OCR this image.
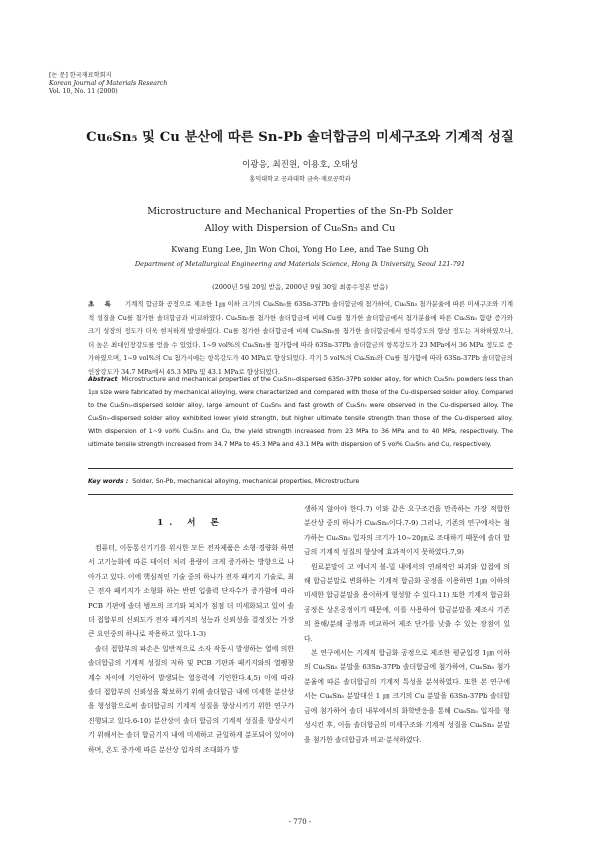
[논 문] 한국재료학회지
Korean Journal of Materials Research
Vol. 10, No. 11 (2000)
Cu₆Sn₅ 및 Cu 분산에 따른 Sn-Pb 솔더합금의 미세구조와 기계적 성질
이광응, 최진원, 이용호, 오태성
홍익대학교 공과대학 금속·재료공학과
Microstructure and Mechanical Properties of the Sn-Pb Solder
Alloy with Dispersion of Cu₆Sn₅ and Cu
Kwang Eung Lee, Jin Won Choi, Yong Ho Lee, and Tae Sung Oh
Department of Metallurgical Engineering and Materials Science, Hong Ik University, Seoul 121-791
(2000년 5월 20일 받음, 2000년 9월 30일 최종수정본 받음)
초 록 기계적 합금화 공정으로 제조한 1㎛ 이하 크기의 Cu₆Sn₅를 63Sn-37Pb 솔더합금에 첨가하여, Cu₆Sn₅ 첨가분율에 따른 미세구조와 기계적 성질을 Cu를 첨가한 솔더합금과 비교하였다. Cu₆Sn₅를 첨가한 솔더합금에 비해 Cu를 첨가한 솔더합금에서 첨가분율에 따른 Cu₆Sn₅ 함량 증가와 크기 성장의 정도가 더욱 현저하게 발생하였다. Cu를 첨가한 솔더합금에 비해 Cu₆Sn₅를 첨가한 솔더합금에서 항복강도의 향상 정도는 저하하였으나, 더 높은 최대인장강도를 얻을 수 있었다. 1~9 vol%의 Cu₆Sn₅를 첨가함에 따라 63Sn-37Pb 솔더합금의 항복강도가 23 MPa에서 36 MPa 정도로 증가하였으며, 1~9 vol%의 Cu 첨가시에는 항복강도가 40 MPa로 향상되었다. 각기 5 vol%의 Cu₆Sn₅와 Cu를 첨가함에 따라 63Sn-37Pb 솔더합금의 인장강도가 34.7 MPa에서 45.3 MPa 및 43.1 MPa로 향상되었다.
Abstract Microstructure and mechanical properties of the Cu₆Sn₅-dispersed 63Sn-37Pb solder alloy, for which Cu₆Sn₅ powders less than 1㎛ size were fabricated by mechanical alloying, were characterized and compared with those of the Cu-dispersed solder alloy. Compared to the Cu₆Sn₅-dispersed solder alloy, large amount of Cu₆Sn₅ and fast growth of Cu₆Sn₅ were observed in the Cu-dispersed alloy. The Cu₆Sn₅-dispersed solder alloy exhibited lower yield strength, but higher ultimate tensile strength than those of the Cu-dispersed alloy. With dispersion of 1~9 vol% Cu₆Sn₅ and Cu, the yield strength increased from 23 MPa to 36 MPa and to 40 MPa, respectively. The ultimate tensile strength increased from 34.7 MPa to 45.3 MPa and 43.1 MPa with dispersion of 5 vol% Cu₆Sn₅ and Cu, respectively.
Key words : Solder, Sn-Pb, mechanical alloying, mechanical properties, Microstructure
1. 서 론

컴퓨터, 이동통신기기를 위시한 모든 전자제품은 소형·경량화 하면서 고기능화에 따른 데이터 처리 용량이 크게 증가하는 방향으로 나아가고 있다. 이에 핵심적인 기술 중의 하나가 전자 패키지 기술로, 최근 전자 패키지가 소형화 하는 반면 입출력 단자수가 증가함에 따라 PCB 기판에 솔더 범프의 크기와 피치가 점점 더 미세화되고 있어 솔더 접합부의 신뢰도가 전자 패키지의 성능과 신뢰성을 결정짓는 가장 큰 요인중의 하나로 작용하고 있다.1-3)

솔더 접합부의 파손은 일반적으로 소자 작동시 발생하는 열에 의한 솔더합금의 기계적 성질의 저하 및 PCB 기판과 패키지와의 열팽창 계수 차이에 기인하여 발생되는 열응력에 기인한다.4,5) 이에 따라 솔더 접합부의 신뢰성을 확보하기 위해 솔더합금 내에 미세한 분산상을 형성함으로써 솔더합금의 기계적 성질을 향상시키기 위한 연구가 진행되고 있다.6-10) 분산상이 솔더 합금의 기계적 성질을 향상시키기 위해서는 솔더 합금기지 내에 미세하고 균일하게 분포되어 있어야 하며, 온도 증가에 따른 분산상 입자의 조대화가 발

생하지 않아야 한다.7) 이와 같은 요구조건을 만족하는 가장 적합한 분산상 중의 하나가 Cu₆Sn₅이다.7-9) 그러나, 기존의 연구에서는 첨가하는 Cu₆Sn₅ 입자의 크기가 10~20㎛로 조대하기 때문에 솔더 합금의 기계적 성질의 향상에 효과적이지 못하였다.7,9)

원료분말이 고 에너지 볼-밀 내에서의 연쇄적인 파괴와 압접에 의해 합금분말로 변화하는 기계적 합금화 공정을 이용하면 1㎛ 이하의 미세한 합금분말을 용이하게 형성할 수 있다.11) 또한 기계적 합금화 공정은 상온공정이기 때문에, 이를 사용하여 합금분말을 제조시 기존의 용해/분쇄 공정과 비교하여 제조 단가를 낮출 수 있는 장점이 있다.

본 연구에서는 기계적 합금화 공정으로 제조한 평균입경 1㎛ 이하의 Cu₆Sn₅ 분말을 63Sn-37Pb 솔더합금에 첨가하여, Cu₆Sn₅ 첨가분율에 따른 솔더합금의 기계적 특성을 분석하였다. 또한 본 연구에서는 Cu₆Sn₅ 분말대신 1 ㎛ 크기의 Cu 분말을 63Sn-37Pb 솔더합금에 첨가하여 솔더 내부에서의 화학반응을 통해 Cu₆Sn₅ 입자를 형성시킨 후, 이들 솔더합금의 미세구조와 기계적 성질을 Cu₆Sn₅ 분말을 첨가한 솔더합금과 비교·분석하였다.

- 770 -
